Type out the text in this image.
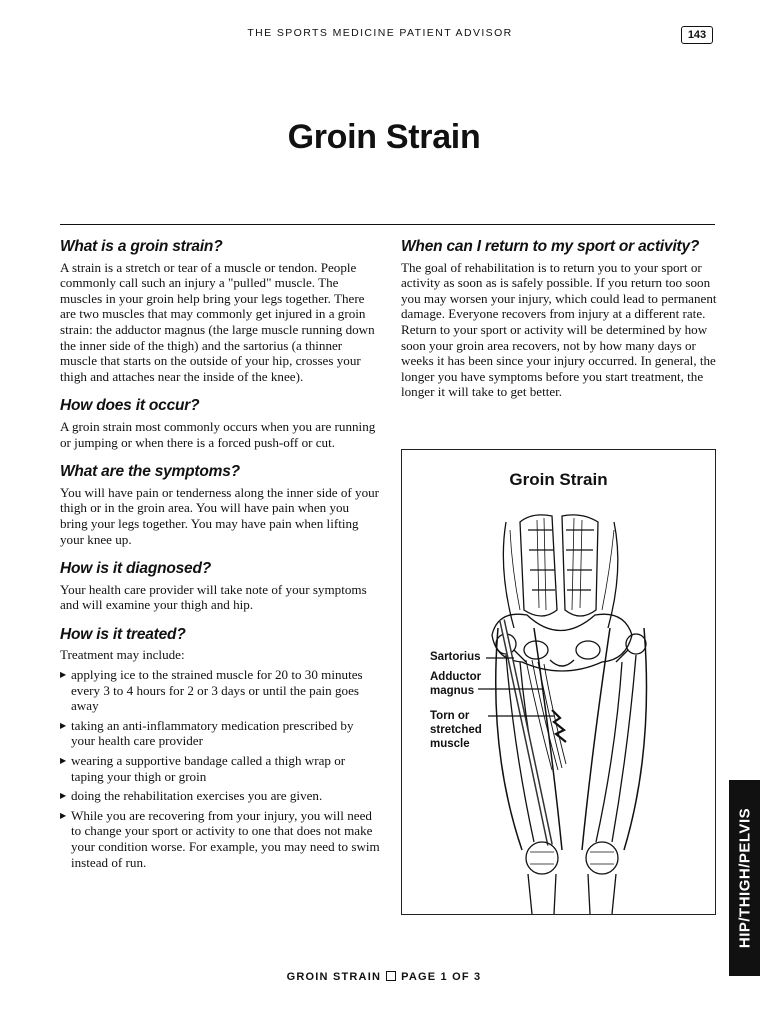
THE SPORTS MEDICINE PATIENT ADVISOR	143
Groin Strain
What is a groin strain?

A strain is a stretch or tear of a muscle or tendon. People commonly call such an injury a "pulled" muscle. The muscles in your groin help bring your legs together. There are two muscles that may commonly get injured in a groin strain: the adductor magnus (the large muscle running down the inner side of the thigh) and the sartorius (a thinner muscle that starts on the outside of your hip, crosses your thigh and attaches near the inside of the knee).

How does it occur?

A groin strain most commonly occurs when you are running or jumping or when there is a forced push-off or cut.

What are the symptoms?

You will have pain or tenderness along the inner side of your thigh or in the groin area. You will have pain when you bring your legs together. You may have pain when lifting your knee up.

How is it diagnosed?

Your health care provider will take note of your symptoms and will examine your thigh and hip.

How is it treated?

Treatment may include:

▶ applying ice to the strained muscle for 20 to 30 minutes every 3 to 4 hours for 2 or 3 days or until the pain goes away
▶ taking an anti-inflammatory medication prescribed by your health care provider
▶ wearing a supportive bandage called a thigh wrap or taping your thigh or groin
▶ doing the rehabilitation exercises you are given.
▶ While you are recovering from your injury, you will need to change your sport or activity to one that does not make your condition worse. For example, you may need to swim instead of run.
When can I return to my sport or activity?

The goal of rehabilitation is to return you to your sport or activity as soon as is safely possible. If you return too soon you may worsen your injury, which could lead to permanent damage. Everyone recovers from injury at a different rate. Return to your sport or activity will be determined by how soon your groin area recovers, not by how many days or weeks it has been since your injury occurred. In general, the longer you have symptoms before you start treatment, the longer it will take to get better.

Groin Strain
Sartorius
Adductor
magnus
Torn or
stretched
muscle
HIP/THIGH/PELVIS
GROIN STRAIN PAGE 1 OF 3
